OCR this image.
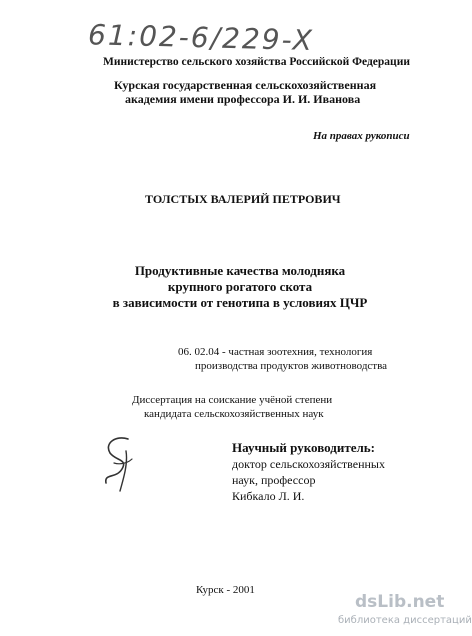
61:02-6/229-X
Министерство сельского хозяйства Российской Федерации
Курская государственная сельскохозяйственная
академия имени профессора И. И. Иванова
На правах рукописи
ТОЛСТЫХ ВАЛЕРИЙ ПЕТРОВИЧ
Продуктивные качества молодняка
крупного рогатого скота
в зависимости от генотипа в условиях ЦЧР
06. 02.04 - частная зоотехния, технология
производства продуктов животноводства
Диссертация на соискание учёной степени
кандидата сельскохозяйственных наук
Научный руководитель:
доктор сельскохозяйственных
наук, профессор
Кибкало Л. И.
Курск - 2001
dsLib.net
библиотека диссертаций
